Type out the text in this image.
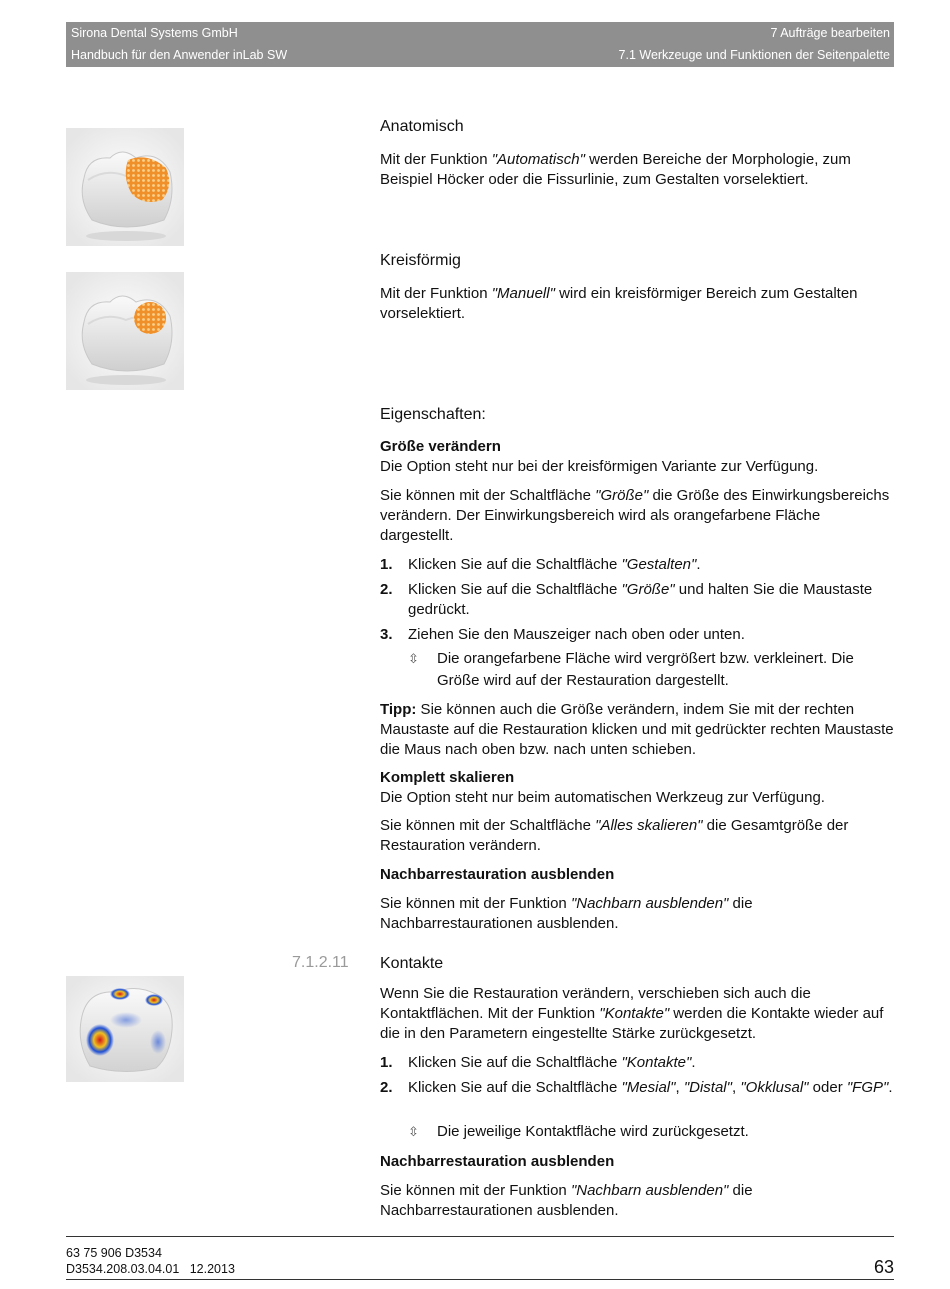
Sirona Dental Systems GmbH	7 Aufträge bearbeiten
Handbuch für den Anwender inLab SW	7.1 Werkzeuge und Funktionen der Seitenpalette

Anatomisch

Mit der Funktion "Automatisch" werden Bereiche der Morphologie, zum Beispiel Höcker oder die Fissurlinie, zum Gestalten vorselektiert.

Kreisförmig

Mit der Funktion "Manuell" wird ein kreisförmiger Bereich zum Gestalten vorselektiert.

Eigenschaften:

Größe verändern

Die Option steht nur bei der kreisförmigen Variante zur Verfügung.

Sie können mit der Schaltfläche "Größe" die Größe des Einwirkungsbereichs verändern. Der Einwirkungsbereich wird als orangefarbene Fläche dargestellt.

1. Klicken Sie auf die Schaltfläche "Gestalten".
2. Klicken Sie auf die Schaltfläche "Größe" und halten Sie die Maustaste gedrückt.
3. Ziehen Sie den Mauszeiger nach oben oder unten.
⇳ Die orangefarbene Fläche wird vergrößert bzw. verkleinert. Die Größe wird auf der Restauration dargestellt.

Tipp: Sie können auch die Größe verändern, indem Sie mit der rechten Maustaste auf die Restauration klicken und mit gedrückter rechten Maustaste die Maus nach oben bzw. nach unten schieben.

Komplett skalieren

Die Option steht nur beim automatischen Werkzeug zur Verfügung.

Sie können mit der Schaltfläche "Alles skalieren" die Gesamtgröße der Restauration verändern.

Nachbarrestauration ausblenden

Sie können mit der Funktion "Nachbarn ausblenden" die Nachbarrestaurationen ausblenden.

7.1.2.11 Kontakte

Wenn Sie die Restauration verändern, verschieben sich auch die Kontaktflächen. Mit der Funktion "Kontakte" werden die Kontakte wieder auf die in den Parametern eingestellte Stärke zurückgesetzt.

1. Klicken Sie auf die Schaltfläche "Kontakte".
2. Klicken Sie auf die Schaltfläche "Mesial", "Distal", "Okklusal" oder "FGP".
⇳ Die jeweilige Kontaktfläche wird zurückgesetzt.

Nachbarrestauration ausblenden

Sie können mit der Funktion "Nachbarn ausblenden" die Nachbarrestaurationen ausblenden.

63 75 906 D3534
D3534.208.03.04.01 12.2013	63
